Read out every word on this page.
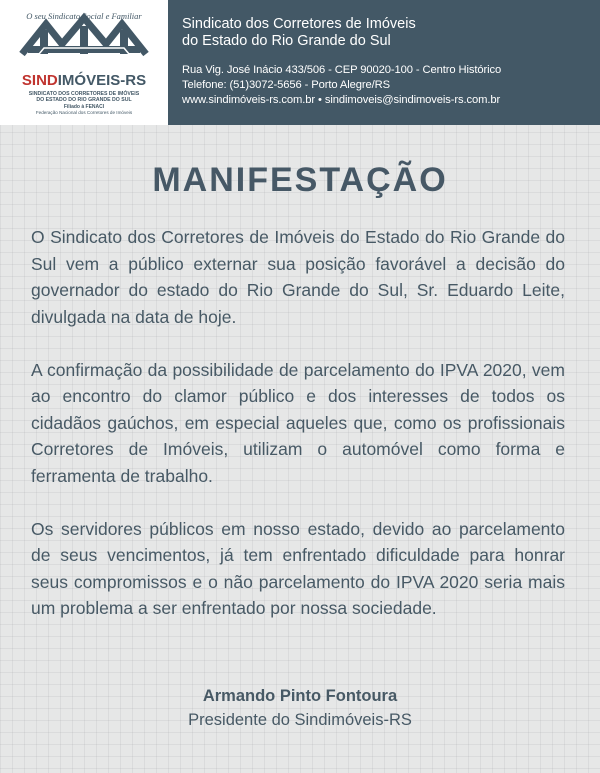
O seu Sindicato Social e Familiar
SINDIMÓVEIS-RS
SINDICATO DOS CORRETORES DE IMÓVEIS
DO ESTADO DO RIO GRANDE DO SUL
Filiado à FENACI
Federação Nacional dos Corretores de Imóveis
Sindicato dos Corretores de Imóveis
do Estado do Rio Grande do Sul
Rua Vig. José Inácio 433/506 - CEP 90020-100 - Centro Histórico
Telefone: (51)3072-5656 - Porto Alegre/RS
www.sindimóveis-rs.com.br • sindimoveis@sindimoveis-rs.com.br
MANIFESTAÇÃO

O Sindicato dos Corretores de Imóveis do Estado do Rio Grande do Sul vem a público externar sua posição favorável a decisão do governador do estado do Rio Grande do Sul, Sr. Eduardo Leite, divulgada na data de hoje.

A confirmação da possibilidade de parcelamento do IPVA 2020, vem ao encontro do clamor público e dos interesses de todos os cidadãos gaúchos, em especial aqueles que, como os profissionais Corretores de Imóveis, utilizam o automóvel como forma e ferramenta de trabalho.

Os servidores públicos em nosso estado, devido ao parcelamento de seus vencimentos, já tem enfrentado dificuldade para honrar seus compromissos e o não parcelamento do IPVA 2020 seria mais um problema a ser enfrentado por nossa sociedade.

Armando Pinto Fontoura
Presidente do Sindimóveis-RS
